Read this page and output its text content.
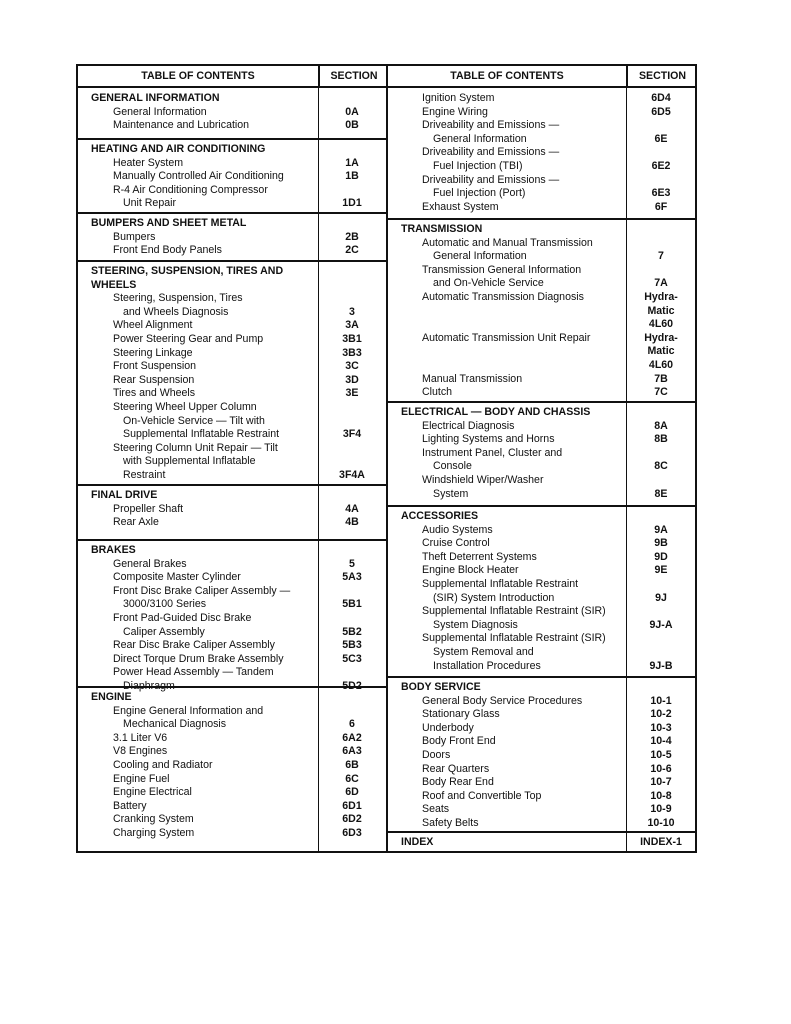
TABLE OF CONTENTS	SECTION
GENERAL INFORMATION
General Information	0A
Maintenance and Lubrication	0B
HEATING AND AIR CONDITIONING
Heater System	1A
Manually Controlled Air Conditioning	1B
R-4 Air Conditioning Compressor
Unit Repair	1D1
BUMPERS AND SHEET METAL
Bumpers	2B
Front End Body Panels	2C
STEERING, SUSPENSION, TIRES AND
WHEELS
Steering, Suspension, Tires
and Wheels Diagnosis	3
Wheel Alignment	3A
Power Steering Gear and Pump	3B1
Steering Linkage	3B3
Front Suspension	3C
Rear Suspension	3D
Tires and Wheels	3E
Steering Wheel Upper Column
On-Vehicle Service — Tilt with
Supplemental Inflatable Restraint	3F4
Steering Column Unit Repair — Tilt
with Supplemental Inflatable
Restraint	3F4A
FINAL DRIVE
Propeller Shaft	4A
Rear Axle	4B
BRAKES
General Brakes	5
Composite Master Cylinder	5A3
Front Disc Brake Caliper Assembly —
3000/3100 Series	5B1
Front Pad-Guided Disc Brake
Caliper Assembly	5B2
Rear Disc Brake Caliper Assembly	5B3
Direct Torque Drum Brake Assembly	5C3
Power Head Assembly — Tandem
Diaphragm	5D2
ENGINE
Engine General Information and
Mechanical Diagnosis	6
3.1 Liter V6	6A2
V8 Engines	6A3
Cooling and Radiator	6B
Engine Fuel	6C
Engine Electrical	6D
Battery	6D1
Cranking System	6D2
Charging System	6D3
TABLE OF CONTENTS	SECTION
Ignition System	6D4
Engine Wiring	6D5
Driveability and Emissions —
General Information	6E
Driveability and Emissions —
Fuel Injection (TBI)	6E2
Driveability and Emissions —
Fuel Injection (Port)	6E3
Exhaust System	6F
TRANSMISSION
Automatic and Manual Transmission
General Information	7
Transmission General Information
and On-Vehicle Service	7A
Automatic Transmission Diagnosis	Hydra-
Matic
4L60
Automatic Transmission Unit Repair	Hydra-
Matic
4L60
Manual Transmission	7B
Clutch	7C
ELECTRICAL — BODY AND CHASSIS
Electrical Diagnosis	8A
Lighting Systems and Horns	8B
Instrument Panel, Cluster and
Console	8C
Windshield Wiper/Washer
System	8E
ACCESSORIES
Audio Systems	9A
Cruise Control	9B
Theft Deterrent Systems	9D
Engine Block Heater	9E
Supplemental Inflatable Restraint
(SIR) System Introduction	9J
Supplemental Inflatable Restraint (SIR)
System Diagnosis	9J-A
Supplemental Inflatable Restraint (SIR)
System Removal and
Installation Procedures	9J-B
BODY SERVICE
General Body Service Procedures	10-1
Stationary Glass	10-2
Underbody	10-3
Body Front End	10-4
Doors	10-5
Rear Quarters	10-6
Body Rear End	10-7
Roof and Convertible Top	10-8
Seats	10-9
Safety Belts	10-10
INDEX	INDEX-1
